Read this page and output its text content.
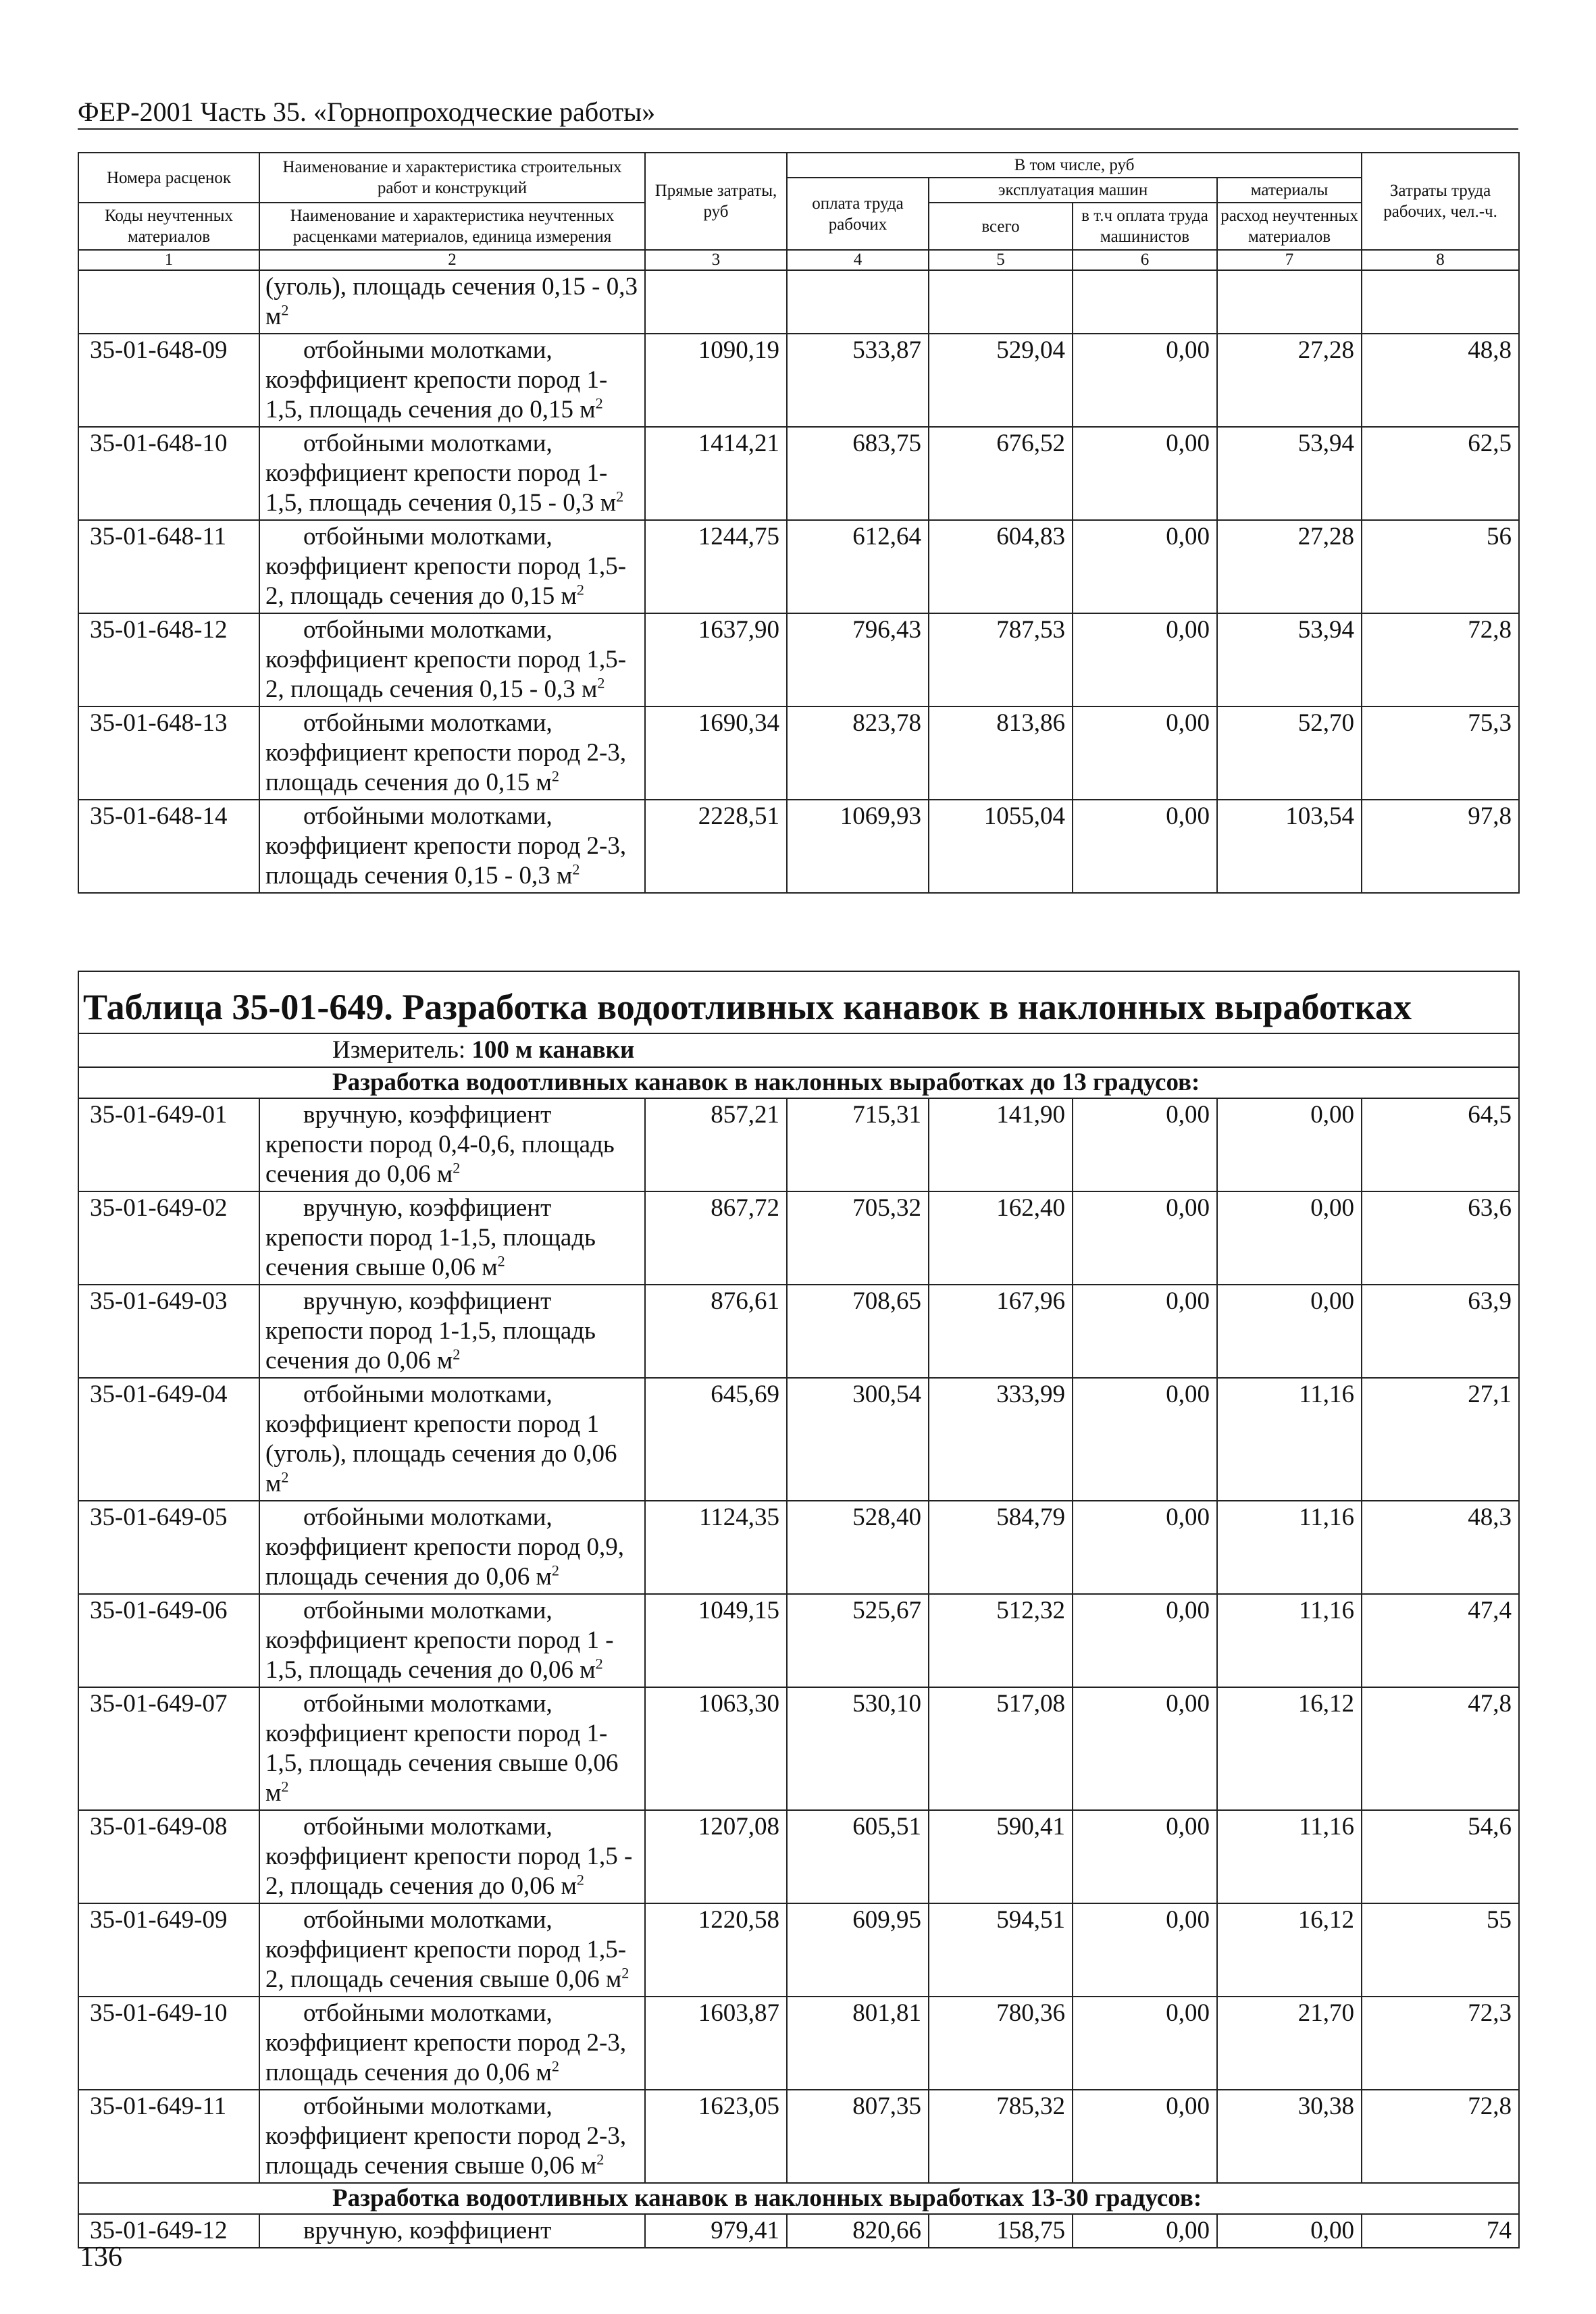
ФЕР-2001 Часть 35. «Горнопроходческие работы»
Номера расценок	Наименование и характеристика строительных работ и конструкций	Прямые затраты, руб	В том числе, руб				Затраты труда рабочих, чел.-ч.
			оплата труда рабочих	эксплуатация машин		материалы	
Коды неучтенных материалов	Наименование и характеристика неучтенных расценками материалов, единица измерения			всего	в т.ч оплата труда машинистов	расход неучтенных материалов	

1	2	3	4	5	6	7	8
	(уголь), площадь сечения 0,15 - 0,3 $м^2$						
35-01-648-09	отбойными молотками, коэффициент крепости пород 1-1,5, площадь сечения до 0,15 $м^2$	1090,19	533,87	529,04	0,00	27,28	48,8
35-01-648-10	отбойными молотками, коэффициент крепости пород 1-1,5, площадь сечения 0,15 - 0,3 $м^2$	1414,21	683,75	676,52	0,00	53,94	62,5
35-01-648-11	отбойными молотками, коэффициент крепости пород 1,5-2, площадь сечения до 0,15 $м^2$	1244,75	612,64	604,83	0,00	27,28	56
35-01-648-12	отбойными молотками, коэффициент крепости пород 1,5-2, площадь сечения 0,15 - 0,3 $м^2$	1637,90	796,43	787,53	0,00	53,94	72,8
35-01-648-13	отбойными молотками, коэффициент крепости пород 2-3, площадь сечения до 0,15 $м^2$	1690,34	823,78	813,86	0,00	52,70	75,3
35-01-648-14	отбойными молотками, коэффициент крепости пород 2-3, площадь сечения 0,15 - 0,3 $м^2$	2228,51	1069,93	1055,04	0,00	103,54	97,8

Таблица 35-01-649. Разработка водоотливных канавок в наклонных выработках							
Измеритель: 100 м канавки							
Разработка водоотливных канавок в наклонных выработках до 13 градусов:							
35-01-649-01	вручную, коэффициент крепости пород 0,4-0,6, площадь сечения до 0,06 $м^2$	857,21	715,31	141,90	0,00	0,00	64,5
35-01-649-02	вручную, коэффициент крепости пород 1-1,5, площадь сечения свыше 0,06 $м^2$	867,72	705,32	162,40	0,00	0,00	63,6
35-01-649-03	вручную, коэффициент крепости пород 1-1,5, площадь сечения до 0,06 $м^2$	876,61	708,65	167,96	0,00	0,00	63,9
35-01-649-04	отбойными молотками, коэффициент крепости пород 1 (уголь), площадь сечения до 0,06 $м^2$	645,69	300,54	333,99	0,00	11,16	27,1
35-01-649-05	отбойными молотками, коэффициент крепости пород 0,9, площадь сечения до 0,06 $м^2$	1124,35	528,40	584,79	0,00	11,16	48,3
35-01-649-06	отбойными молотками, коэффициент крепости пород 1 - 1,5, площадь сечения до 0,06 $м^2$	1049,15	525,67	512,32	0,00	11,16	47,4
35-01-649-07	отбойными молотками, коэффициент крепости пород 1-1,5, площадь сечения свыше 0,06 $м^2$	1063,30	530,10	517,08	0,00	16,12	47,8
35-01-649-08	отбойными молотками, коэффициент крепости пород 1,5 - 2, площадь сечения до 0,06 $м^2$	1207,08	605,51	590,41	0,00	11,16	54,6
35-01-649-09	отбойными молотками, коэффициент крепости пород 1,5-2, площадь сечения свыше 0,06 $м^2$	1220,58	609,95	594,51	0,00	16,12	55
35-01-649-10	отбойными молотками, коэффициент крепости пород 2-3, площадь сечения до 0,06 $м^2$	1603,87	801,81	780,36	0,00	21,70	72,3
35-01-649-11	отбойными молотками, коэффициент крепости пород 2-3, площадь сечения свыше 0,06 $м^2$	1623,05	807,35	785,32	0,00	30,38	72,8
Разработка водоотливных канавок в наклонных выработках 13-30 градусов:							
35-01-649-12	вручную, коэффициент	979,41	820,66	158,75	0,00	0,00	74
136
